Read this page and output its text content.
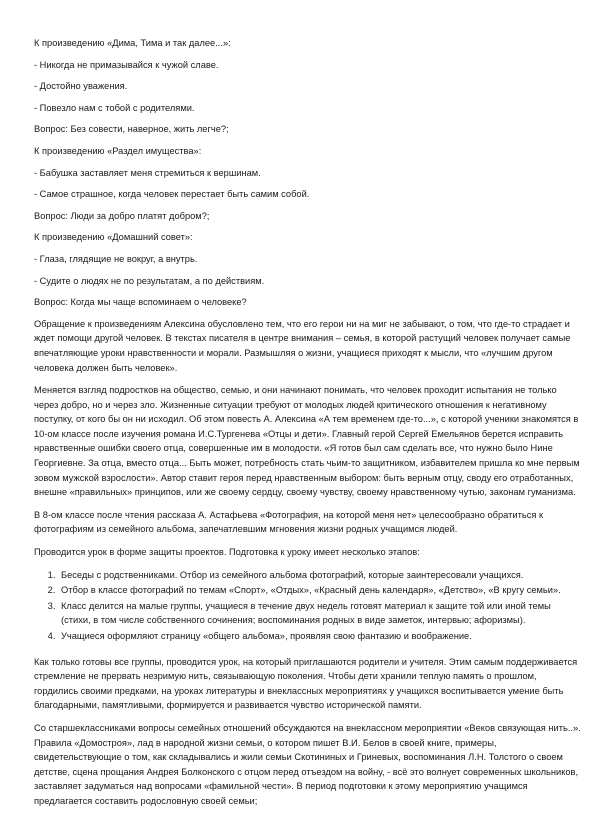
К произведению «Дима, Тима и так далее...»:

- Никогда не примазывайся к чужой славе.

- Достойно уважения.

- Повезло нам с тобой с родителями.

Вопрос: Без совести, наверное, жить легче?;

К произведению «Раздел имущества»:

- Бабушка заставляет меня стремиться к вершинам.

- Самое страшное, когда человек перестает быть самим собой.

Вопрос: Люди за добро платят добром?;

К произведению «Домашний совет»:

- Глаза, глядящие не вокруг, а внутрь.

- Судите о людях не по результатам, а по действиям.

Вопрос: Когда мы чаще вспоминаем о человеке?

Обращение к произведениям Алексина обусловлено тем, что его герои ни на миг не забывают, о том, что где-то страдает и ждет помощи другой человек. В текстах писателя в центре внимания – семья, в которой растущий человек получает самые впечатляющие уроки нравственности и морали. Размышляя о жизни, учащиеся приходят к мысли, что «лучшим другом человека должен быть человек».

Меняется взгляд подростков на общество, семью, и они начинают понимать, что человек проходит испытания не только через добро, но и через зло. Жизненные ситуации требуют от молодых людей критического отношения к негативному поступку, от кого бы он ни исходил. Об этом повесть А. Алексина «А тем временем где-то...», с которой ученики знакомятся в 10-ом классе после изучения романа И.С.Тургенева «Отцы и дети». Главный герой Сергей Емельянов берется исправить нравственные ошибки своего отца, совершенные им в молодости. «Я готов был сам сделать все, что нужно было Нине Георгиевне. За отца, вместо отца... Быть может, потребность стать чьим-то защитником, избавителем пришла ко мне первым зовом мужской взрослости». Автор ставит героя перед нравственным выбором: быть верным отцу, своду его отработанных, внешне «правильных» принципов, или же своему сердцу, своему чувству, своему нравственному чутью, законам гуманизма.

В 8-ом классе после чтения рассказа А. Астафьева «Фотография, на которой меня нет» целесообразно обратиться к фотографиям из семейного альбома, запечатлевшим мгновения жизни родных учащимся людей.

Проводится урок в форме защиты проектов. Подготовка к уроку имеет несколько этапов:

1. Беседы с родственниками. Отбор из семейного альбома фотографий, которые заинтересовали учащихся.
2. Отбор в классе фотографий по темам «Спорт», «Отдых», «Красный день календаря», «Детство», «В кругу семьи».
3. Класс делится на малые группы, учащиеся в течение двух недель готовят материал к защите той или иной темы (стихи, в том числе собственного сочинения; воспоминания родных в виде заметок, интервью; афоризмы).
4. Учащиеся оформляют страницу «общего альбома», проявляя свою фантазию и воображение.

Как только готовы все группы, проводится урок, на который приглашаются родители и учителя. Этим самым поддерживается стремление не прервать незримую нить, связывающую поколения. Чтобы дети хранили теплую память о прошлом, гордились своими предками, на уроках литературы и внеклассных мероприятиях у учащихся воспитывается умение быть благодарными, памятливыми, формируется и развивается чувство исторической памяти.

Со старшеклассниками вопросы семейных отношений обсуждаются на внеклассном мероприятии «Веков связующая нить..». Правила «Домостроя», лад в народной жизни семьи, о котором пишет В.И. Белов в своей книге, примеры, свидетельствующие о том, как складывались и жили семьи Скотининых и Гриневых, воспоминания Л.Н. Толстого о своем детстве, сцена прощания Андрея Болконского с отцом перед отъездом на войну, - всё это волнует современных школьников, заставляет задуматься над вопросами «фамильной чести». В период подготовки к этому мероприятию учащимся предлагается составить родословную своей семьи;
